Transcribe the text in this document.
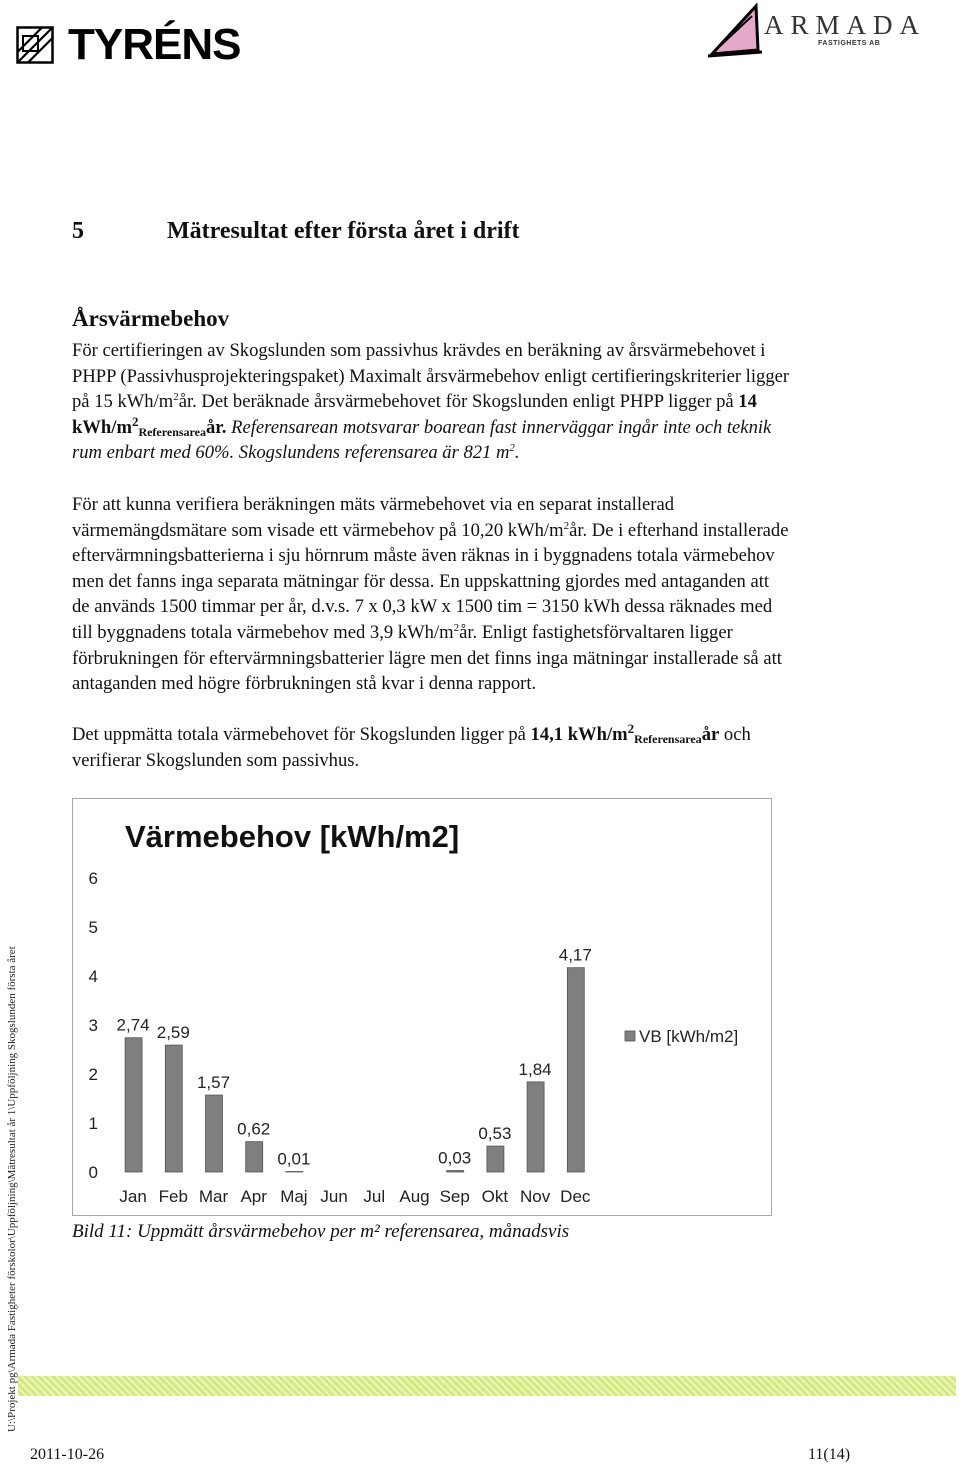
TYRÉNS	ARMADA
FASTIGHETS AB
5	Mätresultat efter första året i drift
Årsvärmebehov
För certifieringen av Skogslunden som passivhus krävdes en beräkning av årsvärmebehovet i
PHPP (Passivhusprojekteringspaket) Maximalt årsvärmebehov enligt certifieringskriterier ligger
på 15 kWh/$m^2år$. Det beräknade årsvärmebehovet för Skogslunden enligt PHPP ligger på 14
kWh/$m^2_{Referensarea}år$. Referensarean motsvarar boarean fast innerväggar ingår inte och teknik
rum enbart med 60%. Skogslundens referensarea är 821 $m^2$.
För att kunna verifiera beräkningen mäts värmebehovet via en separat installerad
värmemängdsmätare som visade ett värmebehov på 10,20 kWh/$m^2år$. De i efterhand installerade
eftervärmningsbatterierna i sju hörnrum måste även räknas in i byggnadens totala värmebehov
men det fanns inga separata mätningar för dessa. En uppskattning gjordes med antaganden att
de används 1500 timmar per år, d.v.s. 7 x 0,3 kW x 1500 tim = 3150 kWh dessa räknades med
till byggnadens totala värmebehov med 3,9 kWh/$m^2år$. Enligt fastighetsförvaltaren ligger
förbrukningen för eftervärmningsbatterier lägre men det finns inga mätningar installerade så att
antaganden med högre förbrukningen stå kvar i denna rapport.
Det uppmätta totala värmebehovet för Skogslunden ligger på 14,1 kWh/$m^2_{Referensarea}år$ och
verifierar Skogslunden som passivhus.
Värmebehov [kWh/m2]
0
1
2
3
4
5
6
2,74
Jan
2,59
Feb
1,57
Mar
0,62
Apr
0,01
Maj Jun Jul Aug
0,03
Sep
0,53
Okt
1,84
Nov
4,17
Dec
VB [kWh/m2]
Bild 11: Uppmätt årsvärmebehov per m² referensarea, månadsvis
U:\Projekt pg\Armada Fastigheter förskolor\Uppföljning\Mätresultat år 1\Uppföljning Skogslunden första året
2011-10-26	11(14)
